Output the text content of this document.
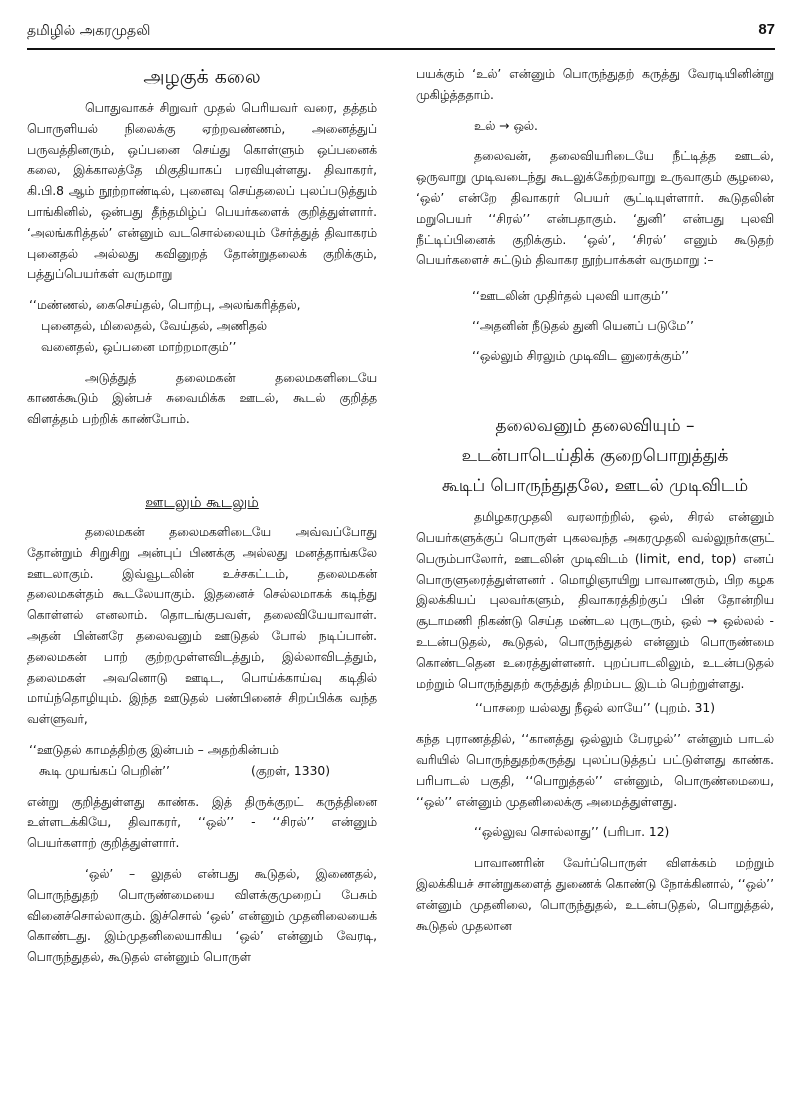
தமிழில் அகரமுதலி	87
அழகுக் கலை

பொதுவாகச் சிறுவர் முதல் பெரியவர் வரை, தத்தம் பொருளியல் நிலைக்கு ஏற்றவண்ணம், அனைத்துப் பருவத்தினரும், ஒப்பனை செய்து கொள்ளும் ஒப்பனைக் கலை, இக்காலத்தே மிகுதியாகப் பரவியுள்ளது. திவாகரர், கி.பி.8 ஆம் நூற்றாண்டில், புனைவு செய்தலைப் புலப்படுத்தும் பாங்கினில், ஒன்பது தீந்தமிழ்ப் பெயர்களைக் குறித்துள்ளார். ‘அலங்கரித்தல்’ என்னும் வடசொல்லையும் சேர்த்துத் திவாகரம் புனைதல் அல்லது கவினுறத் தோன்றுதலைக் குறிக்கும், பத்துப்பெயர்கள் வருமாறு

‘‘மண்ணல், கைசெய்தல், பொற்பு, அலங்கரித்தல்,
புனைதல், மிலைதல், வேய்தல், அணிதல்
வனைதல், ஒப்பனை மாற்றமாகும்’’

அடுத்துத் தலைமகன் தலைமகளிடையே காணக்கூடும் இன்பச் சுவைமிக்க ஊடல், கூடல் குறித்த விளத்தம் பற்றிக் காண்போம்.

ஊடலும் கூடலும்

தலைமகன் தலைமகளிடையே அவ்வப்போது தோன்றும் சிறுசிறு அன்புப் பிணக்கு அல்லது மனத்தாங்கலே ஊடலாகும். இவ்வூடலின் உச்சகட்டம், தலைமகன் தலைமகள்தம் கூடலேயாகும். இதனைச் செல்லமாகக் கடிந்து கொள்ளல் எனலாம். தொடங்குபவள், தலைவியேயாவாள். அதன் பின்னரே தலைவனும் ஊடுதல் போல் நடிப்பான். தலைமகன் பாற் குற்றமுள்ளவிடத்தும், இல்லாவிடத்தும், தலைமகள் அவனொடு ஊடிட, பொய்க்காய்வு கடிதில் மாய்ந்தொழியும். இந்த ஊடுதல் பண்பினைச் சிறப்பிக்க வந்த வள்ளுவர்,

‘‘ஊடுதல் காமத்திற்கு இன்பம் – அதற்கின்பம்
கூடி முயங்கப் பெறின்’’	(குறள், 1330)

என்று குறித்துள்ளது காண்க. இத் திருக்குறட் கருத்தினை உள்ளடக்கியே, திவாகரர், ‘‘ஒல்’’ - ‘‘சிரல்’’ என்னும் பெயர்களாற் குறித்துள்ளார்.

‘ஒல்’ – லுதல் என்பது கூடுதல், இணைதல், பொருந்துதற் பொருண்மையை விளக்குமுறைப் பேசும் வினைச்சொல்லாகும். இச்சொல் ‘ஒல்’ என்னும் முதனிலையைக் கொண்டது. இம்முதனிலையாகிய ‘ஒல்’ என்னும் வேரடி, பொருந்துதல், கூடுதல் என்னும் பொருள்

பயக்கும் ‘உல்’ என்னும் பொருந்துதற் கருத்து வேரடியினின்று முகிழ்த்ததாம்.

உல் → ஒல்.

தலைவன், தலைவியரிடையே நீட்டித்த ஊடல், ஒருவாறு முடிவடைந்து கூடலுக்கேற்றவாறு உருவாகும் சூழலை, ‘ஒல்’ என்றே திவாகரர் பெயர் சூட்டியுள்ளார். கூடுதலின் மறுபெயர் ‘‘சிரல்’’ என்பதாகும். ‘துனி’ என்பது புலவி நீட்டிப்பினைக் குறிக்கும். ‘ஒல்’, ‘சிரல்’ எனும் கூடுதற் பெயர்களைச் சுட்டும் திவாகர நூற்பாக்கள் வருமாறு :–

‘‘ஊடலின் முதிர்தல் புலவி யாகும்’’
‘‘அதனின் நீடுதல் துனி யெனப் படுமே’’
‘‘ஒல்லும் சிரலும் முடிவிட னுரைக்கும்’’
தலைவனும் தலைவியும் –
உடன்பாடெய்திக் குறைபொறுத்துக்
கூடிப் பொருந்துதலே, ஊடல் முடிவிடம்

தமிழகரமுதலி வரலாற்றில், ஒல், சிரல் என்னும் பெயர்களுக்குப் பொருள் புகலவந்த அகரமுதலி வல்லுநர்களுட் பெரும்பாலோர், ஊடலின் முடிவிடம் (limit, end, top) எனப் பொருளுரைத்துள்ளனர் . மொழிஞாயிறு பாவாணரும், பிற கழக இலக்கியப் புலவர்களும், திவாகரத்திற்குப் பின் தோன்றிய சூடாமணி நிகண்டு செய்த மண்டல புருடரும், ஒல் → ஒல்லல் - உடன்படுதல், கூடுதல், பொருந்துதல் என்னும் பொருண்மை கொண்டதென உரைத்துள்ளனர். புறப்பாடலிலும், உடன்படுதல் மற்றும் பொருந்துதற் கருத்துத் திறம்பட இடம் பெற்றுள்ளது.

‘‘பாசறை யல்லது நீஒல் லாயே’’ (புறம். 31)

கந்த புராணத்தில், ‘‘கானத்து ஒல்லும் பேரழல்’’ என்னும் பாடல் வரியில் பொருந்துதற்கருத்து புலப்படுத்தப் பட்டுள்ளது காண்க. பரிபாடல் பகுதி, ‘‘பொறுத்தல்’’ என்னும், பொருண்மையை, ‘‘ஒல்’’ என்னும் முதனிலைக்கு அமைத்துள்ளது.

‘‘ஒல்லுவ சொல்லாது’’ (பரிபா. 12)

பாவாணரின் வேர்ப்பொருள் விளக்கம் மற்றும் இலக்கியச் சான்றுகளைத் துணைக் கொண்டு நோக்கினால், ‘‘ஒல்’’ என்னும் முதனிலை, பொருந்துதல், உடன்படுதல், பொறுத்தல், கூடுதல் முதலான
